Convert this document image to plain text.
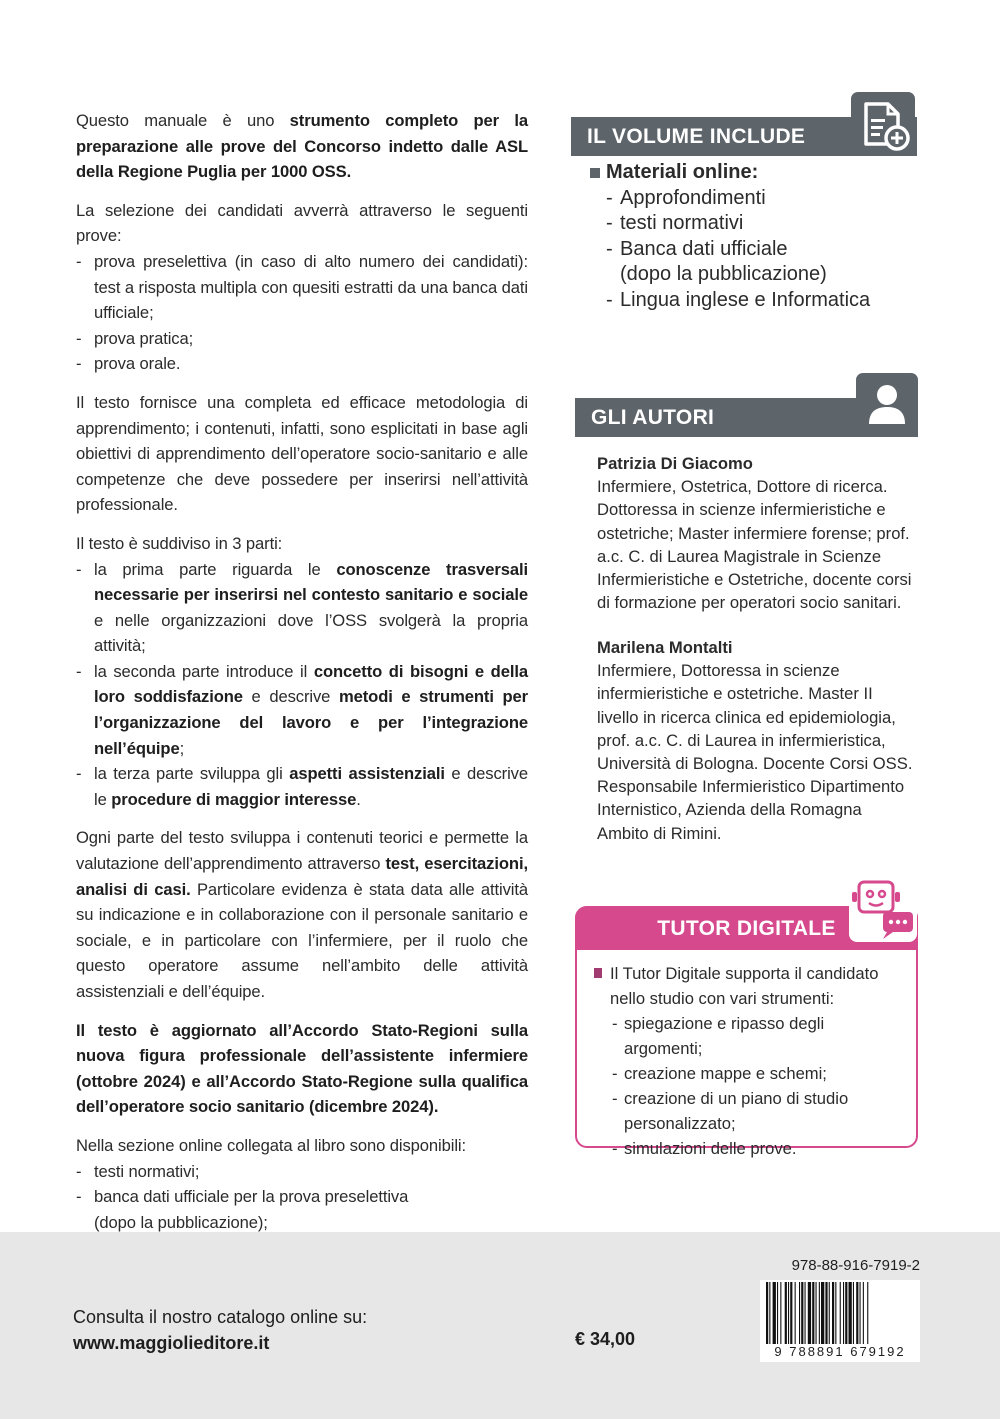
Questo manuale è uno strumento completo per la preparazione alle prove del Concorso indetto dalle ASL della Regione Puglia per 1000 OSS.

La selezione dei candidati avverrà attraverso le seguenti prove:

- prova preselettiva (in caso di alto numero dei candidati): test a risposta multipla con quesiti estratti da una banca dati ufficiale;
- prova pratica;
- prova orale.

Il testo fornisce una completa ed efficace metodologia di apprendimento; i contenuti, infatti, sono esplicitati in base agli obiettivi di apprendimento dell’operatore socio-sanitario e alle competenze che deve possedere per inserirsi nell’attività professionale.

Il testo è suddiviso in 3 parti:

- la prima parte riguarda le conoscenze trasversali necessarie per inserirsi nel contesto sanitario e sociale e nelle organizzazioni dove l’OSS svolgerà la propria attività;
- la seconda parte introduce il concetto di bisogni e della loro soddisfazione e descrive metodi e strumenti per l’organizzazione del lavoro e per l’integrazione nell’équipe;
- la terza parte sviluppa gli aspetti assistenziali e descrive le procedure di maggior interesse.

Ogni parte del testo sviluppa i contenuti teorici e permette la valutazione dell’apprendimento attraverso test, esercitazioni, analisi di casi. Particolare evidenza è stata data alle attività su indicazione e in collaborazione con il personale sanitario e sociale, e in particolare con l’infermiere, per il ruolo che questo operatore assume nell’ambito delle attività assistenziali e dell’équipe.

Il testo è aggiornato all’Accordo Stato-Regioni sulla nuova figura professionale dell’assistente infermiere (ottobre 2024) e all’Accordo Stato-Regione sulla qualifica dell’operatore socio sanitario (dicembre 2024).

Nella sezione online collegata al libro sono disponibili:

- testi normativi;
- banca dati ufficiale per la prova preselettiva
(dopo la pubblicazione);
-
-
-
IL VOLUME INCLUDE
Materiali online:
- Approfondimenti
- testi normativi
- Banca dati ufficiale
(dopo la pubblicazione)
- Lingua inglese e Informatica
GLI AUTORI
Patrizia Di Giacomo
Infermiere, Ostetrica, Dottore di ricerca. Dottoressa in scienze infermieristiche e ostetriche; Master infermiere forense; prof. a.c. C. di Laurea Magistrale in Scienze Infermieristiche e Ostetriche, docente corsi di formazione per operatori socio sanitari.
Marilena Montalti
Infermiere, Dottoressa in scienze infermieristiche e ostetriche. Master II livello in ricerca clinica ed epidemiologia, prof. a.c. C. di Laurea in infermieristica, Università di Bologna. Docente Corsi OSS. Responsabile Infermieristico Dipartimento Internistico, Azienda della Romagna Ambito di Rimini.
TUTOR DIGITALE
Il Tutor Digitale supporta il candidato nello studio con vari strumenti:
- spiegazione e ripasso degli argomenti;
- creazione mappe e schemi;
- creazione di un piano di studio personalizzato;
- simulazioni delle prove.
Consulta il nostro catalogo online su:
www.maggiolieditore.it	€ 34,00
978-88-916-7919-2
9 788891 679192
